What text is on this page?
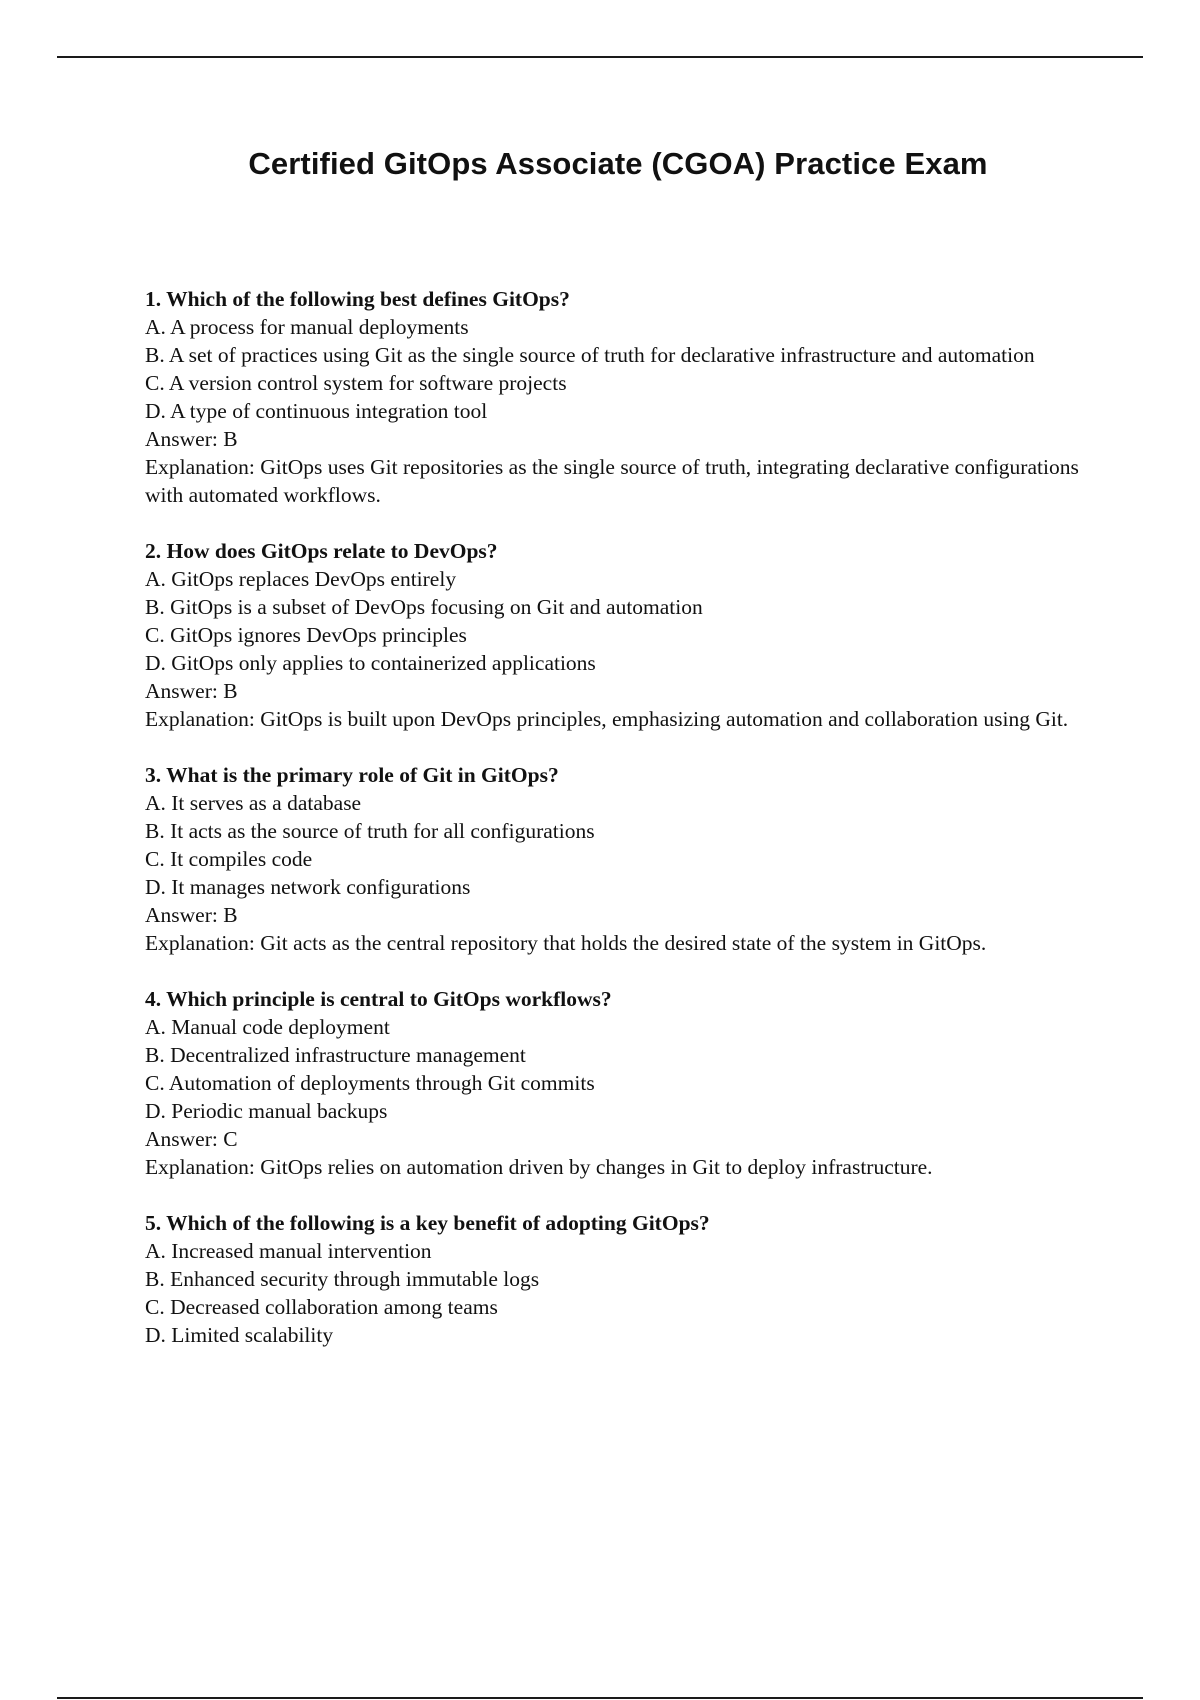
Certified GitOps Associate (CGOA) Practice Exam

1 . Which of the following best defines GitOps?

A. A process for manual deployments

B. A set of practices using Git as the single source of truth for declarative infrastructure and automation

C. A version control system for software projects

D. A type of continuous integration tool

Answer: B

Explanation: GitOps uses Git repositories as the single source of truth, integrating declarative configurations with automated workflows.

2 . How does GitOps relate to DevOps?

A. GitOps replaces DevOps entirely

B. GitOps is a subset of DevOps focusing on Git and automation

C. GitOps ignores DevOps principles

D. GitOps only applies to containerized applications

Answer: B

Explanation: GitOps is built upon DevOps principles, emphasizing automation and collaboration using Git.

3 . What is the primary role of Git in GitOps?

A. It serves as a database

B. It acts as the source of truth for all configurations

C. It compiles code

D. It manages network configurations

Answer: B

Explanation: Git acts as the central repository that holds the desired state of the system in GitOps.

4 . Which principle is central to GitOps workflows?

A. Manual code deployment

B. Decentralized infrastructure management

C. Automation of deployments through Git commits

D. Periodic manual backups

Answer: C

Explanation: GitOps relies on automation driven by changes in Git to deploy infrastructure.

5 . Which of the following is a key benefit of adopting GitOps?

A. Increased manual intervention

B. Enhanced security through immutable logs

C. Decreased collaboration among teams

D. Limited scalability
